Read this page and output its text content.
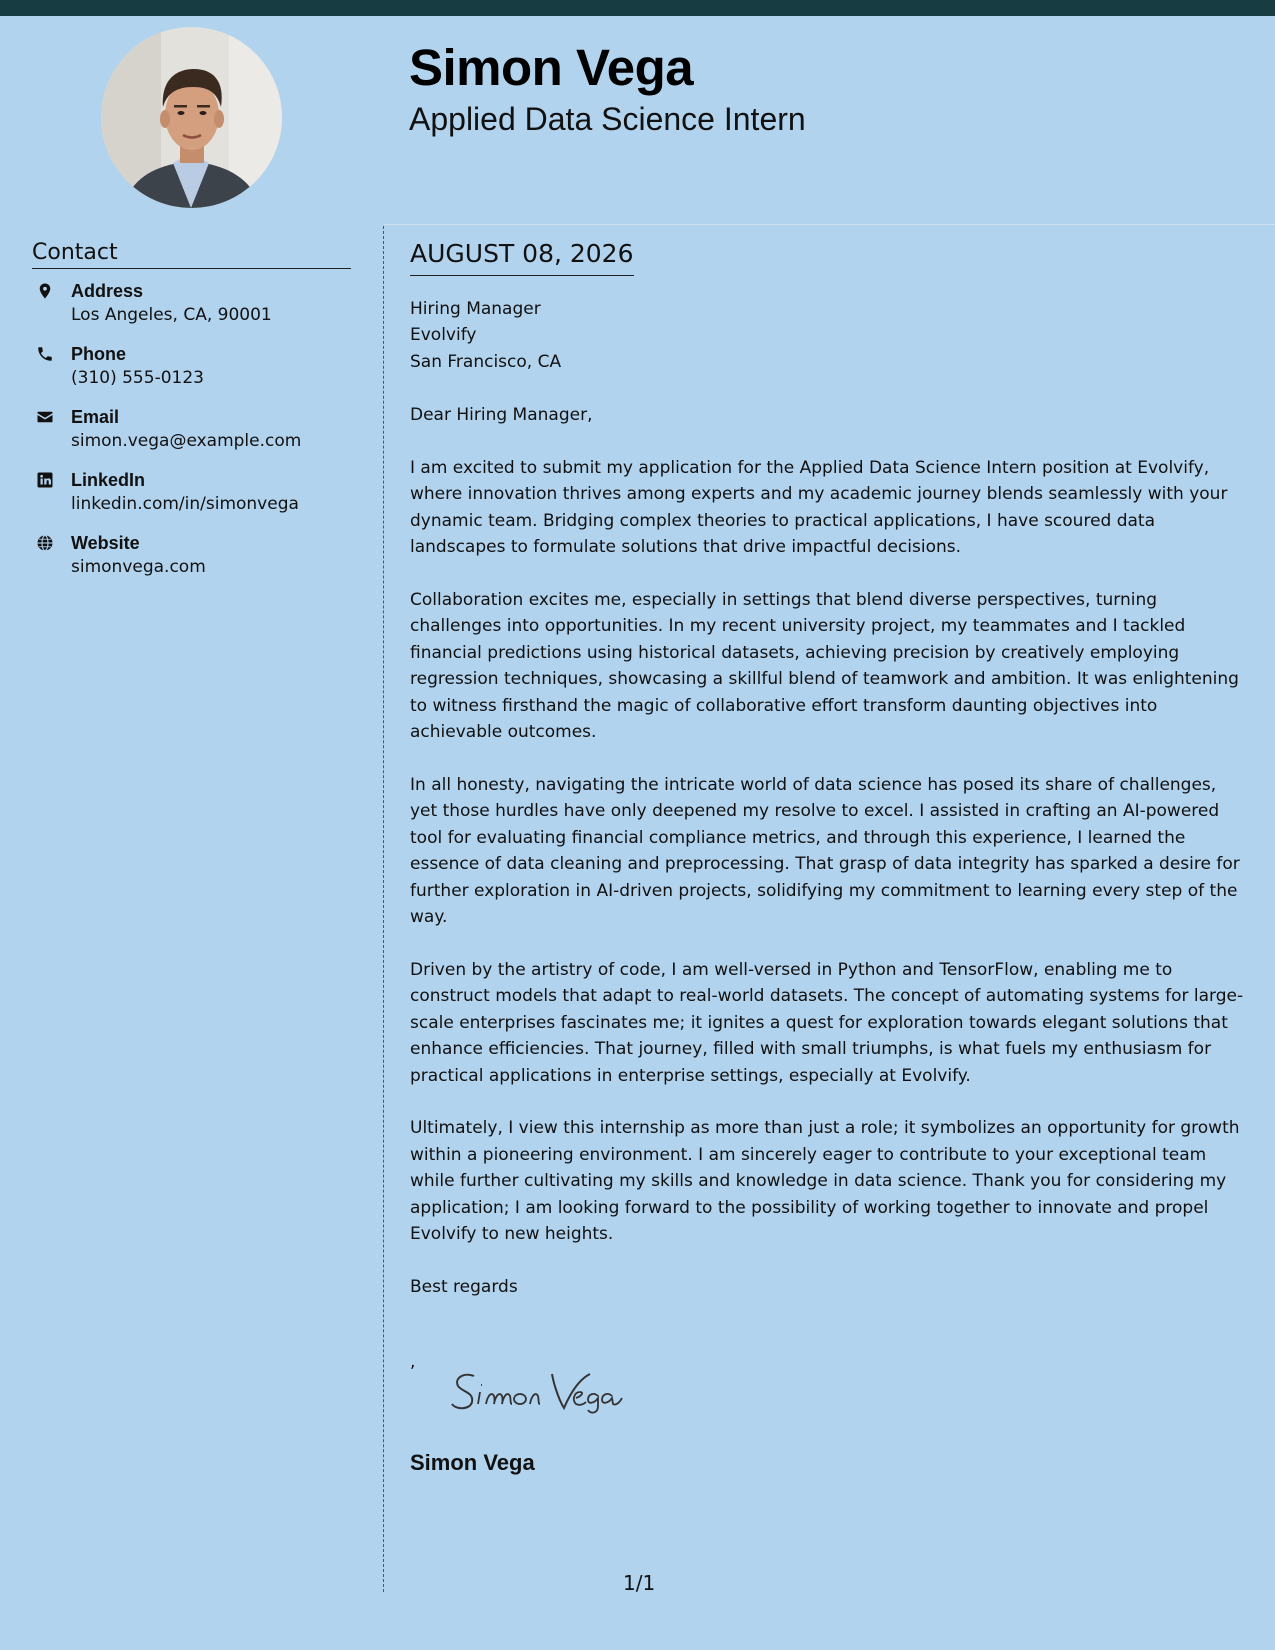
Simon Vega
Applied Data Science Intern
Contact
Address
Los Angeles, CA, 90001
Phone
(310) 555-0123
Email
simon.vega@example.com
LinkedIn
linkedin.com/in/simonvega
Website
simonvega.com
AUGUST 08, 2026
Hiring Manager
Evolvify
San Francisco, CA
Dear Hiring Manager,
I am excited to submit my application for the Applied Data Science Intern position at Evolvify, where innovation thrives among experts and my academic journey blends seamlessly with your dynamic team. Bridging complex theories to practical applications, I have scoured data landscapes to formulate solutions that drive impactful decisions.
Collaboration excites me, especially in settings that blend diverse perspectives, turning challenges into opportunities. In my recent university project, my teammates and I tackled financial predictions using historical datasets, achieving precision by creatively employing regression techniques, showcasing a skillful blend of teamwork and ambition. It was enlightening to witness firsthand the magic of collaborative effort transform daunting objectives into achievable outcomes.
In all honesty, navigating the intricate world of data science has posed its share of challenges, yet those hurdles have only deepened my resolve to excel. I assisted in crafting an AI-powered tool for evaluating financial compliance metrics, and through this experience, I learned the essence of data cleaning and preprocessing. That grasp of data integrity has sparked a desire for further exploration in AI-driven projects, solidifying my commitment to learning every step of the way.
Driven by the artistry of code, I am well-versed in Python and TensorFlow, enabling me to construct models that adapt to real-world datasets. The concept of automating systems for large-scale enterprises fascinates me; it ignites a quest for exploration towards elegant solutions that enhance efficiencies. That journey, filled with small triumphs, is what fuels my enthusiasm for practical applications in enterprise settings, especially at Evolvify.
Ultimately, I view this internship as more than just a role; it symbolizes an opportunity for growth within a pioneering environment. I am sincerely eager to contribute to your exceptional team while further cultivating my skills and knowledge in data science. Thank you for considering my application; I am looking forward to the possibility of working together to innovate and propel Evolvify to new heights.
Best regards
,
Simon Vega
1/1
